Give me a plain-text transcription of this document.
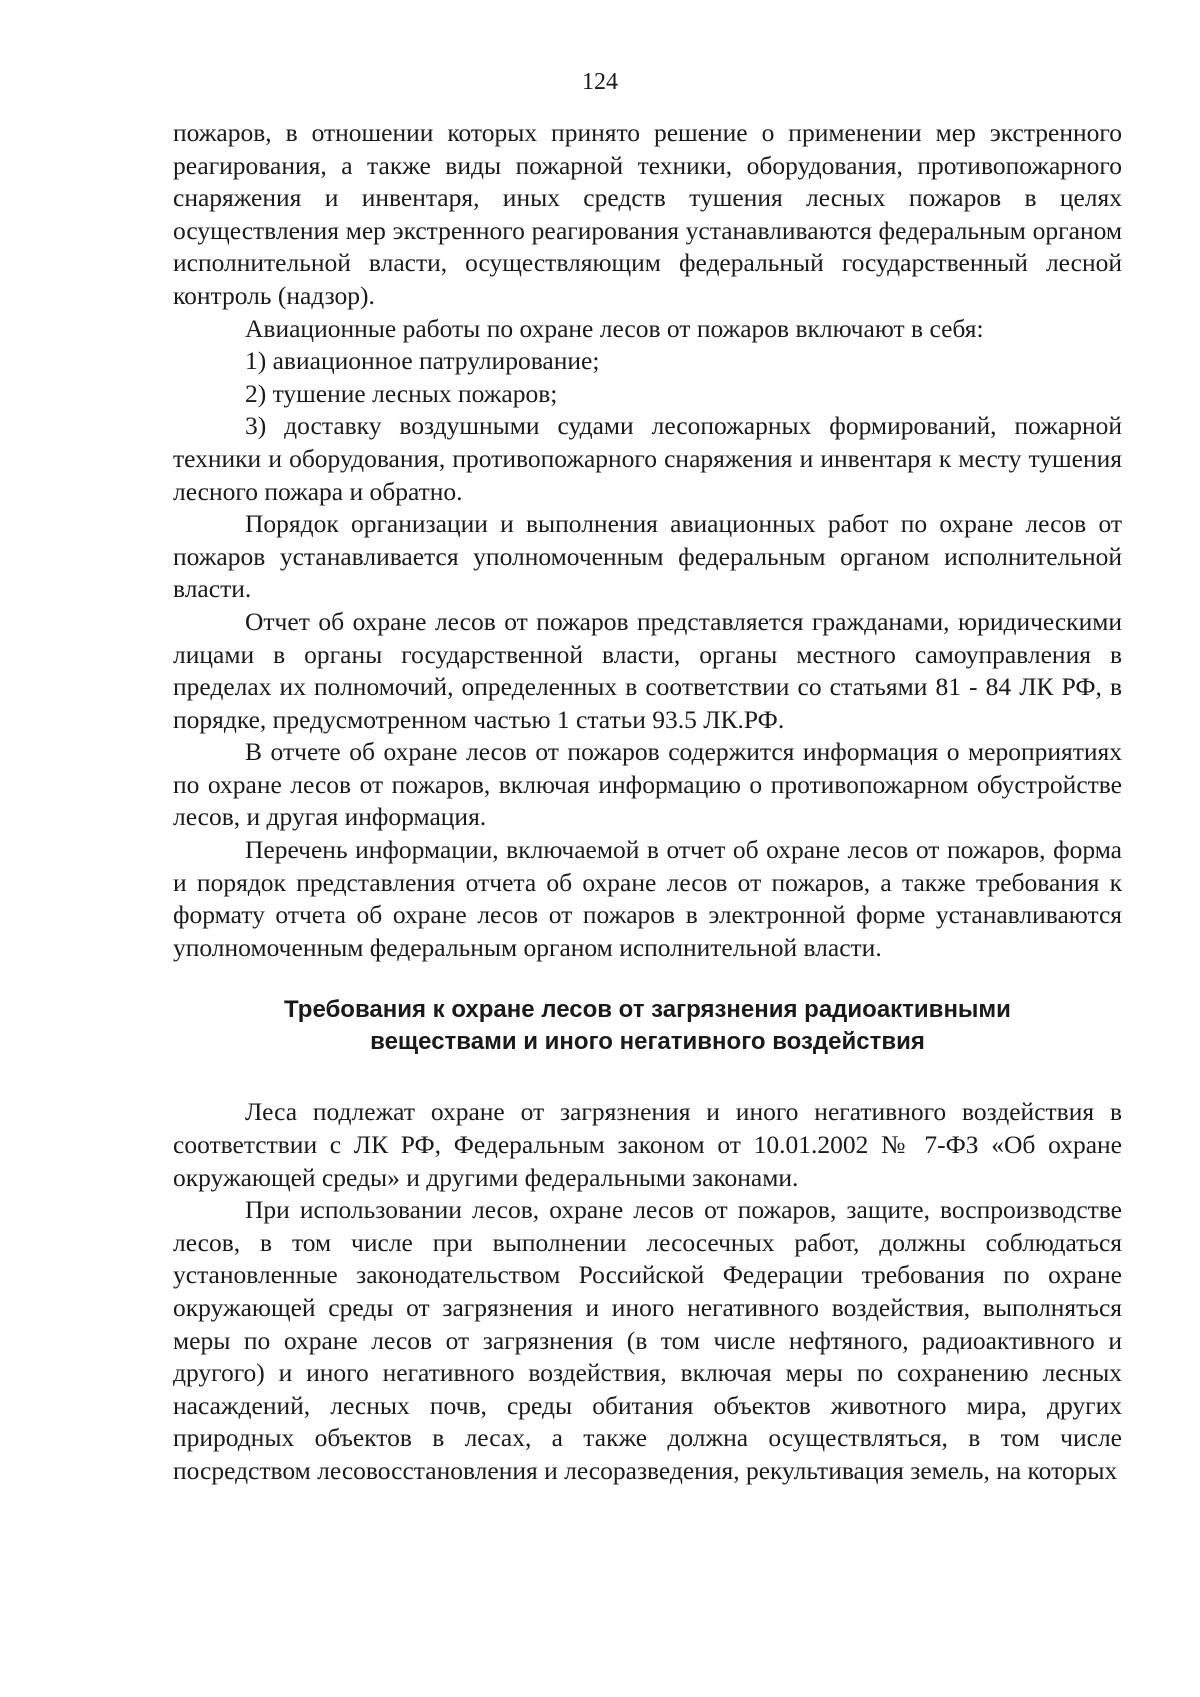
124

пожаров, в отношении которых принято решение о применении мер экстренного реагирования, а также виды пожарной техники, оборудования, противопожарного снаряжения и инвентаря, иных средств тушения лесных пожаров в целях осуществления мер экстренного реагирования устанавливаются федеральным органом исполнительной власти, осуществляющим федеральный государственный лесной контроль (надзор).

Авиационные работы по охране лесов от пожаров включают в себя:

1) авиационное патрулирование;

2) тушение лесных пожаров;

3) доставку воздушными судами лесопожарных формирований, пожарной техники и оборудования, противопожарного снаряжения и инвентаря к месту тушения лесного пожара и обратно.

Порядок организации и выполнения авиационных работ по охране лесов от пожаров устанавливается уполномоченным федеральным органом исполнительной власти.

Отчет об охране лесов от пожаров представляется гражданами, юридическими лицами в органы государственной власти, органы местного самоуправления в пределах их полномочий, определенных в соответствии со статьями 81 - 84 ЛК РФ, в порядке, предусмотренном частью 1 статьи 93.5 ЛК.РФ.

В отчете об охране лесов от пожаров содержится информация о мероприятиях по охране лесов от пожаров, включая информацию о противопожарном обустройстве лесов, и другая информация.

Перечень информации, включаемой в отчет об охране лесов от пожаров, форма и порядок представления отчета об охране лесов от пожаров, а также требования к формату отчета об охране лесов от пожаров в электронной форме устанавливаются уполномоченным федеральным органом исполнительной власти.

Требования к охране лесов от загрязнения радиоактивными
веществами и иного негативного воздействия

Леса подлежат охране от загрязнения и иного негативного воздействия в соответствии с ЛК РФ, Федеральным законом от 10.01.2002 № 7-ФЗ «Об охране окружающей среды» и другими федеральными законами.

При использовании лесов, охране лесов от пожаров, защите, воспроизводстве лесов, в том числе при выполнении лесосечных работ, должны соблюдаться установленные законодательством Российской Федерации требования по охране окружающей среды от загрязнения и иного негативного воздействия, выполняться меры по охране лесов от загрязнения (в том числе нефтяного, радиоактивного и другого) и иного негативного воздействия, включая меры по сохранению лесных насаждений, лесных почв, среды обитания объектов животного мира, других природных объектов в лесах, а также должна осуществляться, в том числе посредством лесовосстановления и лесоразведения, рекультивация земель, на которых
